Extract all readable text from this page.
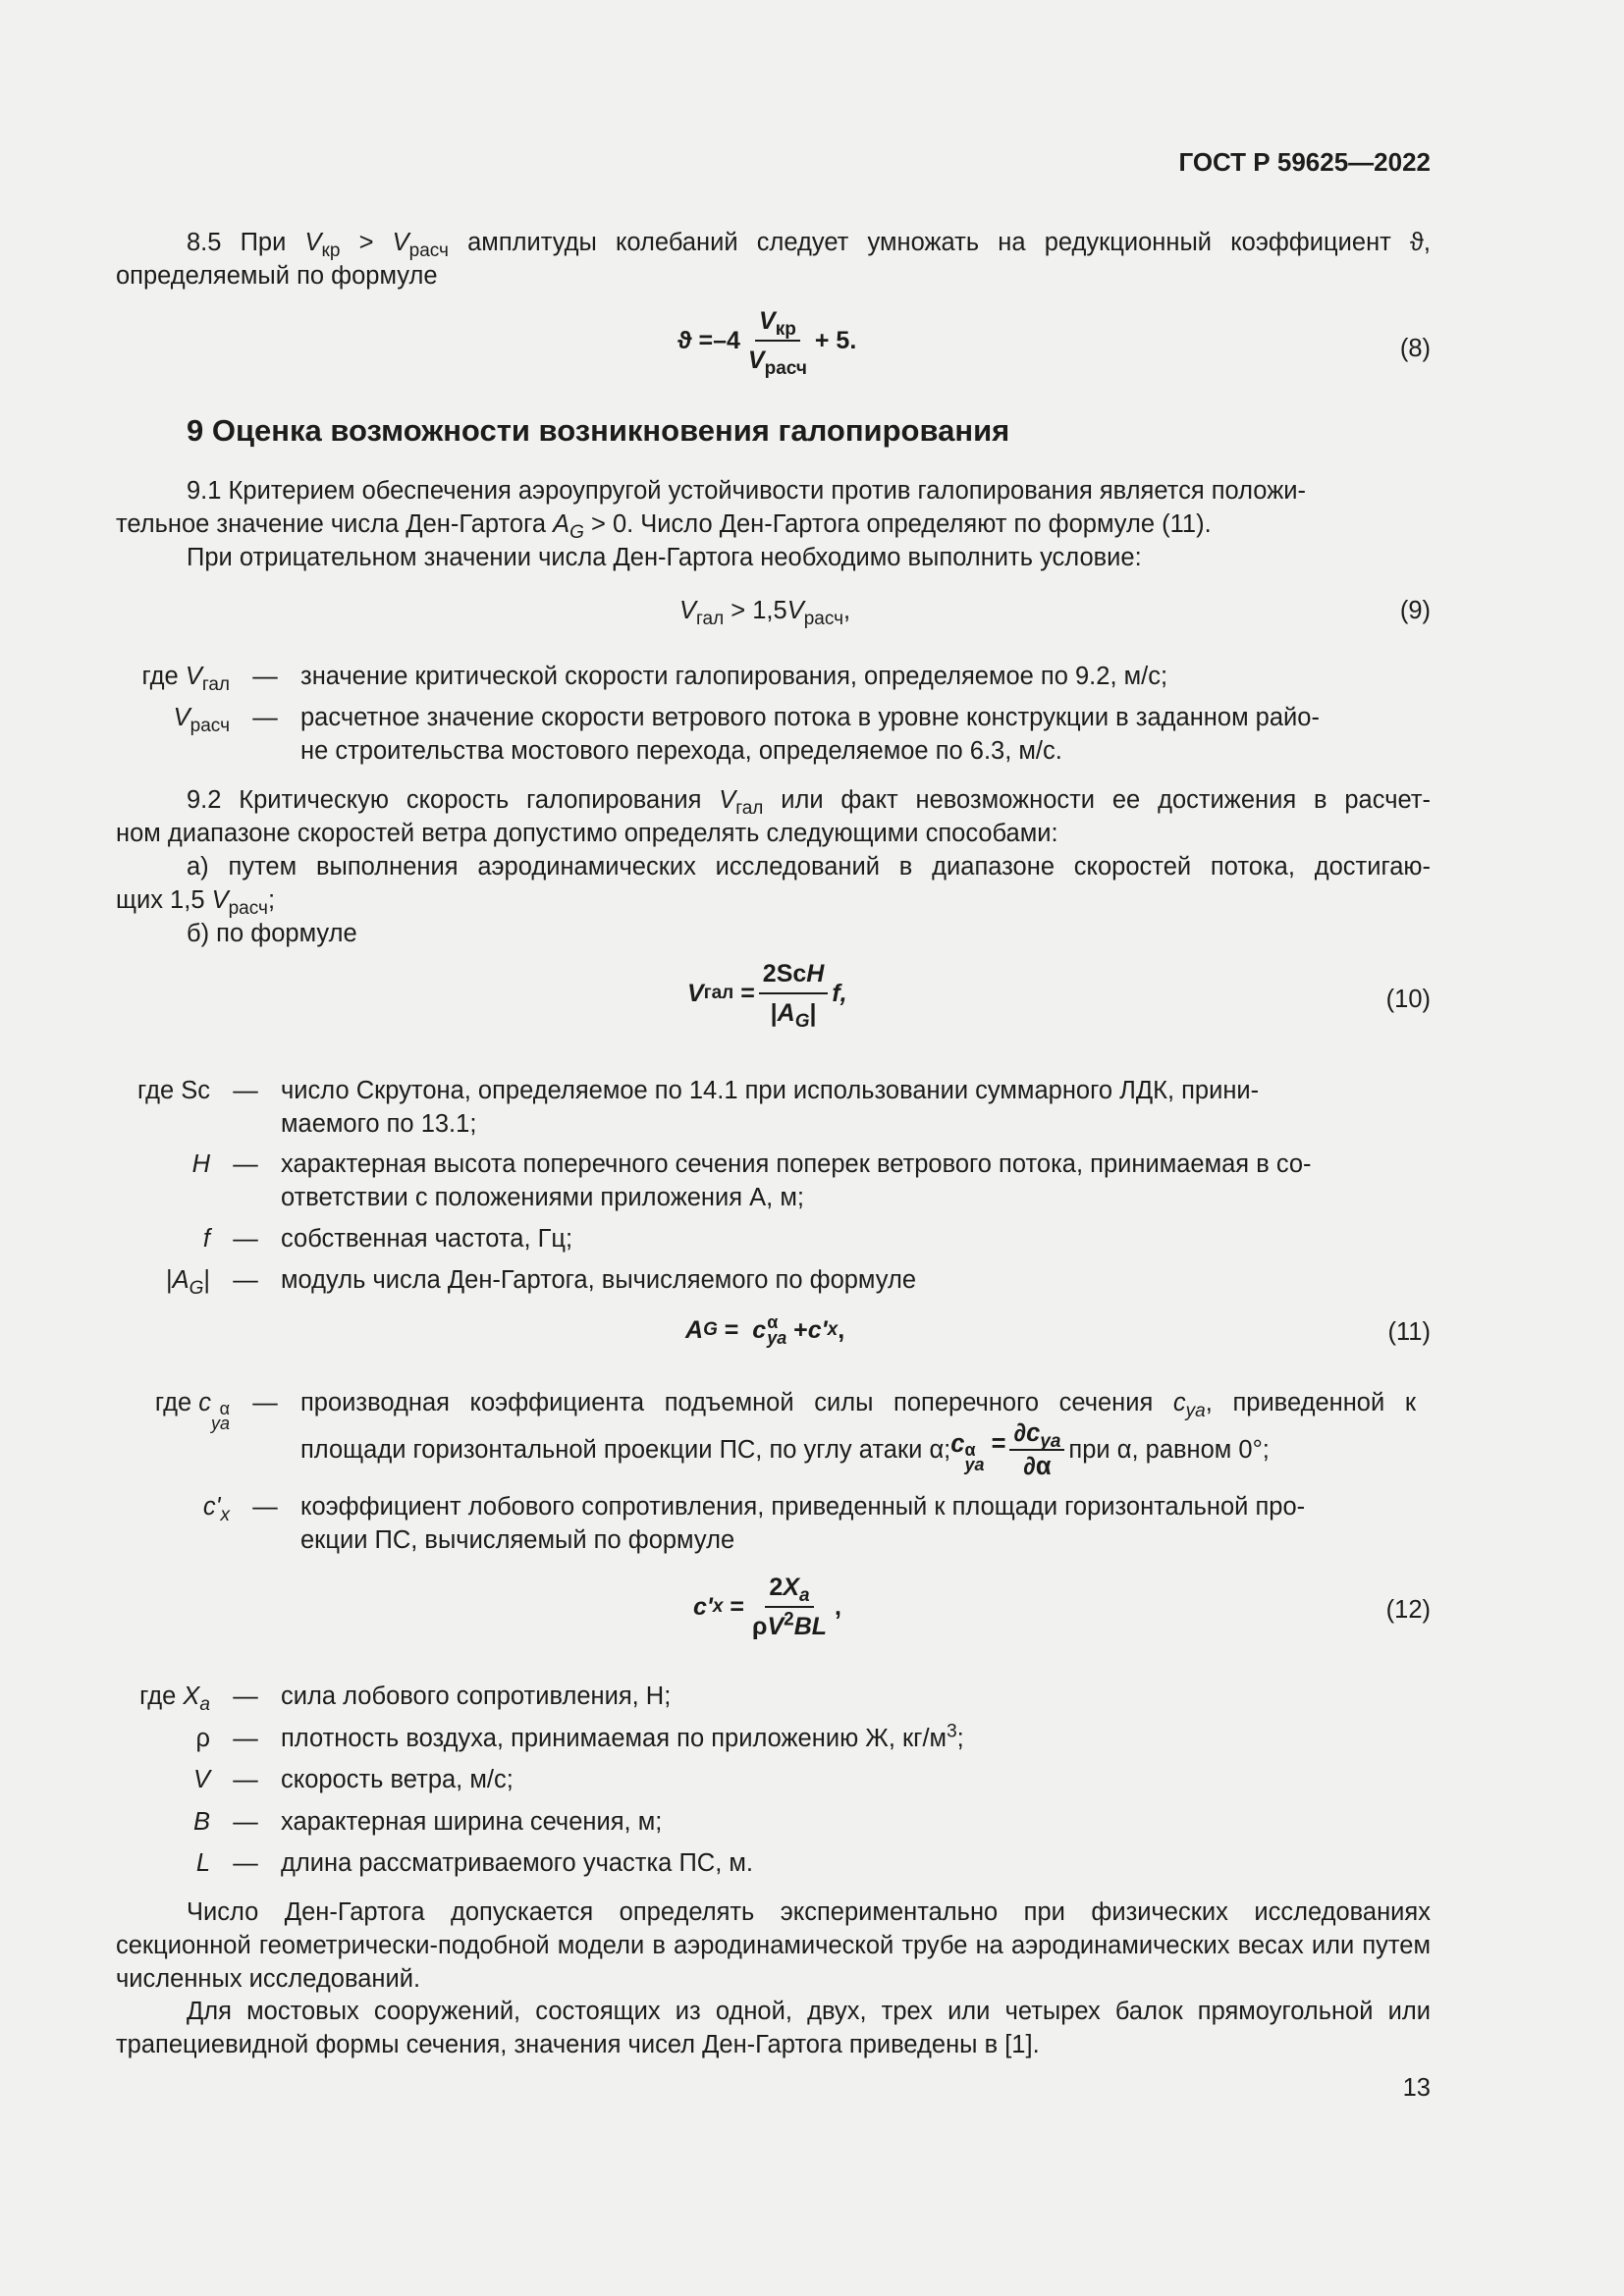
ГОСТ Р 59625—2022
8.5 При $V_{кр} > V_{расч}$ амплитуды колебаний следует умножать на редукционный коэффициент ϑ,
определяемый по формуле
$ϑ = -4 \frac{V_{кр}}{V_{расч}} + 5$.	(8)
9 Оценка возможности возникновения галопирования
9.1 Критерием обеспечения аэроупругой устойчивости против галопирования является положи-
тельное значение числа Ден-Гартога $A_G > 0$. Число Ден-Гартога определяют по формуле (11).
При отрицательном значении числа Ден-Гартога необходимо выполнить условие:
$V_{гал} > 1,5V_{расч}$,	(9)
где $V_{гал}$ — значение критической скорости галопирования, определяемое по 9.2, м/с;
$V_{расч}$ — расчетное значение скорости ветрового потока в уровне конструкции в заданном райо-
не строительства мостового перехода, определяемое по 6.3, м/с.
9.2 Критическую скорость галопирования $V_{гал}$ или факт невозможности ее достижения в расчет-
ном диапазоне скоростей ветра допустимо определять следующими способами:
а) путем выполнения аэродинамических исследований в диапазоне скоростей потока, достигаю-
щих 1,5 $V_{расч}$;
б) по формуле
V гал = $\frac{\text{2ScH}}{|A_G|} f$,	(10)
где Sc — число Скрутона, определяемое по 14.1 при использовании суммарного ЛДК, прини-
маемого по 13.1;
H — характерная высота поперечного сечения поперек ветрового потока, принимаемая в со-
ответствии с положениями приложения А, м;
f — собственная частота, Гц;
$|A_G|$ — модуль числа Ден-Гартога, вычисляемого по формуле
A G = c α
ya + c' x ,	(11)
где c α
ya
— производная коэффициента подъемной силы поперечного сечения $c_{ya}$, приведенной к
площади горизонтальной проекции ПС, по углу атаки α; c α
ya
= $\frac{\partial c_{ya}}{\partial\alpha}$ при α, равном 0°;
$c'_x$ — коэффициент лобового сопротивления, приведенный к площади горизонтальной про-
екции ПС, вычисляемый по формуле
c' $x = \frac{2X_a}{\rho V^2BL}$ ,	(12)
где $X_a$ — сила лобового сопротивления, Н;
ρ — плотность воздуха, принимаемая по приложению Ж, $кг/м^3$;
V — скорость ветра, м/с;
B — характерная ширина сечения, м;
L — длина рассматриваемого участка ПС, м.
Число Ден-Гартога допускается определять экспериментально при физических исследованиях секционной геометрически-подобной модели в аэродинамической трубе на аэродинамических весах или путем численных исследований.
Для мостовых сооружений, состоящих из одной, двух, трех или четырех балок прямоугольной или трапециевидной формы сечения, значения чисел Ден-Гартога приведены в [1].
13
